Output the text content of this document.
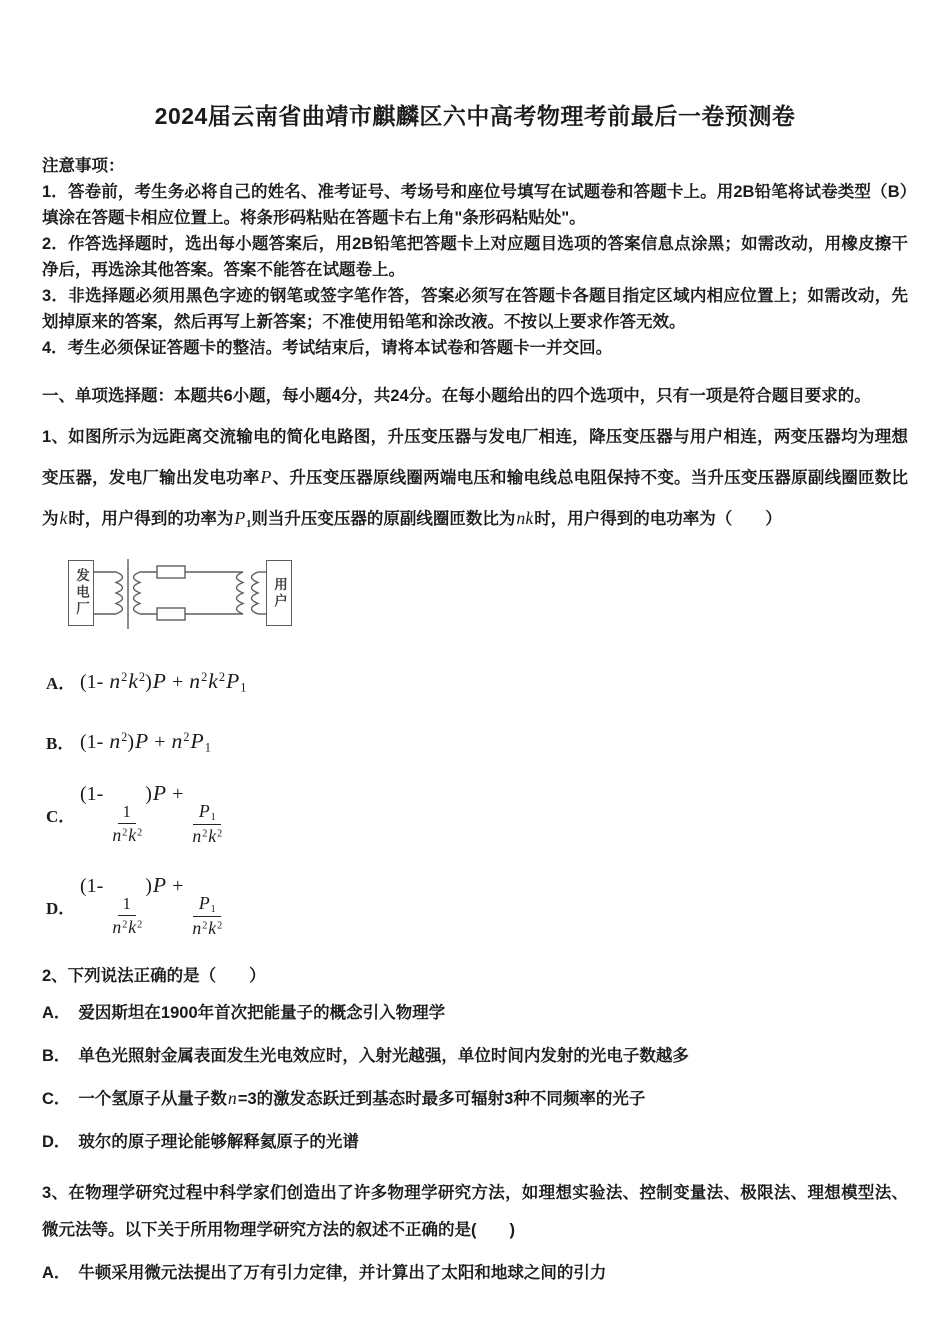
2024届云南省曲靖市麒麟区六中高考物理考前最后一卷预测卷

注意事项：

1．答卷前，考生务必将自己的姓名、准考证号、考场号和座位号填写在试题卷和答题卡上。用2B铅笔将试卷类型（B）填涂在答题卡相应位置上。将条形码粘贴在答题卡右上角"条形码粘贴处"。

2．作答选择题时，选出每小题答案后，用2B铅笔把答题卡上对应题目选项的答案信息点涂黑；如需改动，用橡皮擦干净后，再选涂其他答案。答案不能答在试题卷上。

3．非选择题必须用黑色字迹的钢笔或签字笔作答，答案必须写在答题卡各题目指定区域内相应位置上；如需改动，先划掉原来的答案，然后再写上新答案；不准使用铅笔和涂改液。不按以上要求作答无效。

4．考生必须保证答题卡的整洁。考试结束后，请将本试卷和答题卡一并交回。

一、单项选择题：本题共6小题，每小题4分，共24分。在每小题给出的四个选项中，只有一项是符合题目要求的。

1、如图所示为远距离交流输电的简化电路图，升压变压器与发电厂相连，降压变压器与用户相连，两变压器均为理想变压器，发电厂输出发电功率P、升压变压器原线圈两端电压和输电线总电阻保持不变。当升压变压器原副线圈匝数比为k时，用户得到的功率为$P_1$则当升压变压器的原副线圈匝数比为nk时，用户得到的电功率为（　　）

发电厂	用户
A． (1- $n^2k^2)P + n^2k^2P_1$
B． (1- $n^2)P + n^2P_1$
C．
(1-
$\frac{1}{n^2k^2}$
)P +
$\frac{P_1}{n^2k^2}$
D．
(1-
$\frac{1}{n^2k^2}$
)P +
$\frac{P_1}{n^2k^2}$

2、下列说法正确的是（　　）

A． 爱因斯坦在1900年首次把能量子的概念引入物理学

B． 单色光照射金属表面发生光电效应时，入射光越强，单位时间内发射的光电子数越多

C． 一个氢原子从量子数n=3的激发态跃迁到基态时最多可辐射3种不同频率的光子

D． 玻尔的原子理论能够解释氦原子的光谱

3、在物理学研究过程中科学家们创造出了许多物理学研究方法，如理想实验法、控制变量法、极限法、理想模型法、微元法等。以下关于所用物理学研究方法的叙述不正确的是(　　)

A． 牛顿采用微元法提出了万有引力定律，并计算出了太阳和地球之间的引力
